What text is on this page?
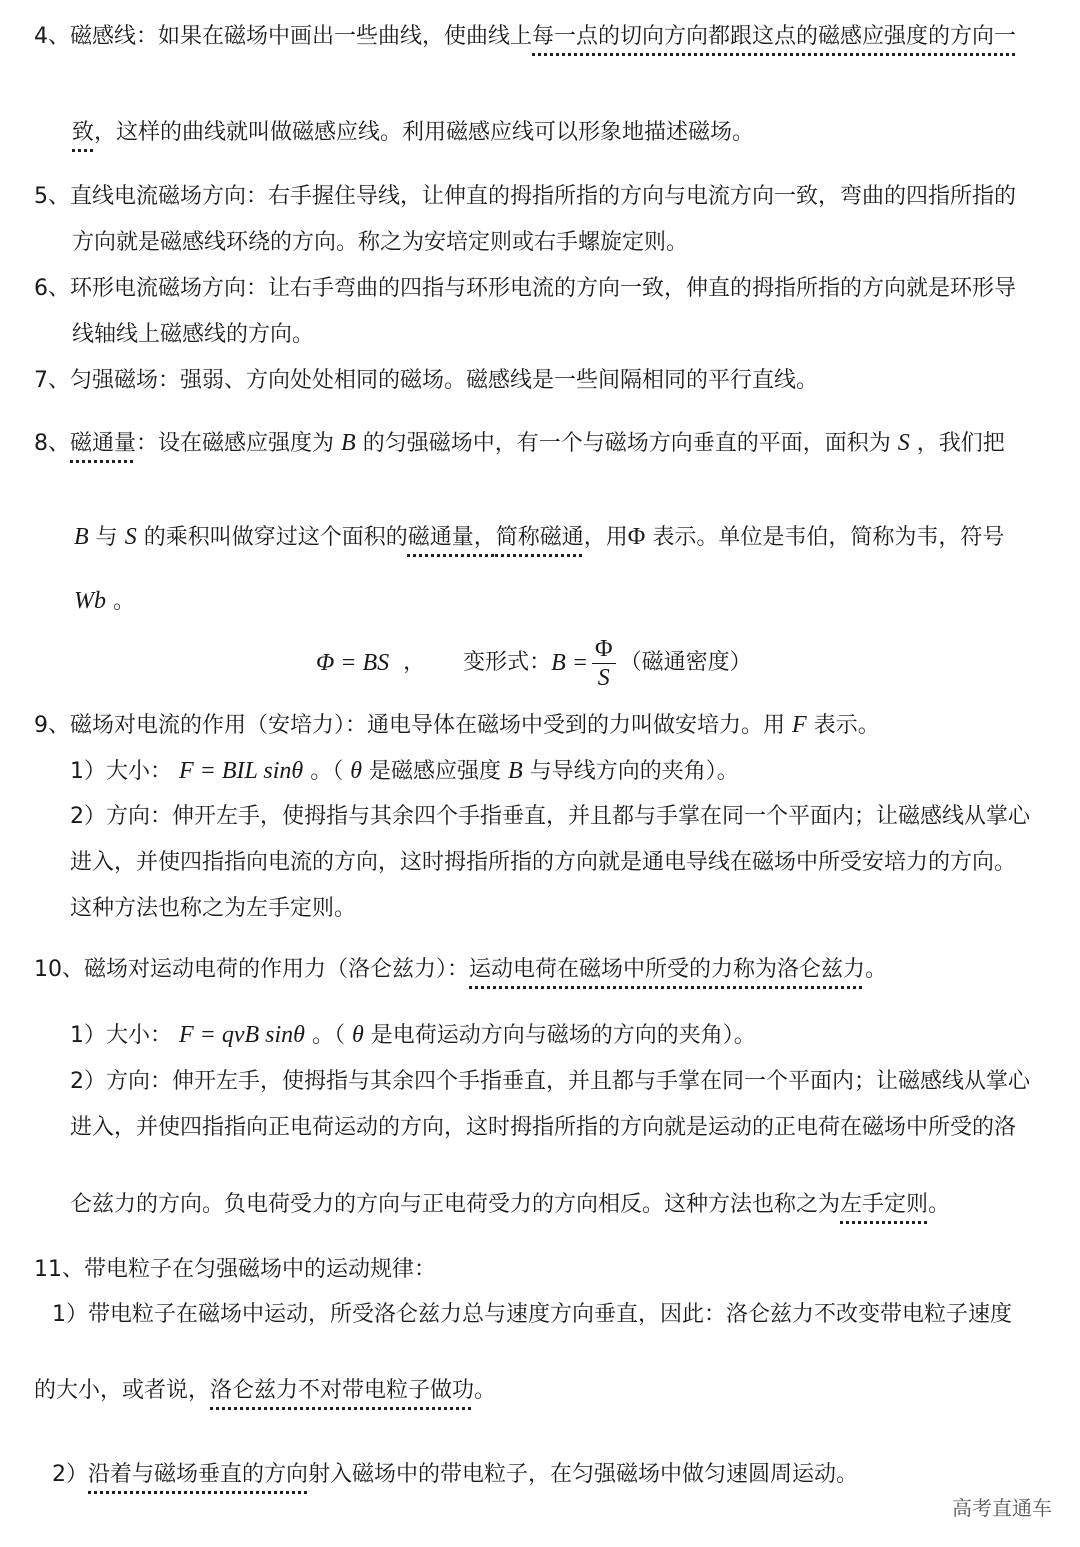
4、磁感线：如果在磁场中画出一些曲线，使曲线上每一点的切向方向都跟这点的磁感应强度的方向一
致，这样的曲线就叫做磁感应线。利用磁感应线可以形象地描述磁场。
5、直线电流磁场方向：右手握住导线，让伸直的拇指所指的方向与电流方向一致，弯曲的四指所指的
方向就是磁感线环绕的方向。称之为安培定则或右手螺旋定则。
6、环形电流磁场方向：让右手弯曲的四指与环形电流的方向一致，伸直的拇指所指的方向就是环形导
线轴线上磁感线的方向。
7、匀强磁场：强弱、方向处处相同的磁场。磁感线是一些间隔相同的平行直线。
8、磁通量：设在磁感应强度为 B 的匀强磁场中，有一个与磁场方向垂直的平面，面积为 S ，我们把
B 与 S 的乘积叫做穿过这个面积的磁通量，简称磁通，用Φ 表示。单位是韦伯，简称为韦，符号
Wb 。
Φ = BS ， 变形式： $B = \frac{\Phi}{S}$ （磁通密度）
9、磁场对电流的作用（安培力）：通电导体在磁场中受到的力叫做安培力。用 F 表示。
1）大小： F = BIL sinθ 。（ θ 是磁感应强度 B 与导线方向的夹角）。
2）方向：伸开左手，使拇指与其余四个手指垂直，并且都与手掌在同一个平面内；让磁感线从掌心
进入，并使四指指向电流的方向，这时拇指所指的方向就是通电导线在磁场中所受安培力的方向。
这种方法也称之为左手定则。
10、磁场对运动电荷的作用力（洛仑兹力）：运动电荷在磁场中所受的力称为洛仑兹力。
1）大小： F = qvB sinθ 。（ θ 是电荷运动方向与磁场的方向的夹角）。
2）方向：伸开左手，使拇指与其余四个手指垂直，并且都与手掌在同一个平面内；让磁感线从掌心
进入，并使四指指向正电荷运动的方向，这时拇指所指的方向就是运动的正电荷在磁场中所受的洛
仑兹力的方向。负电荷受力的方向与正电荷受力的方向相反。这种方法也称之为左手定则。
11、带电粒子在匀强磁场中的运动规律：
1）带电粒子在磁场中运动，所受洛仑兹力总与速度方向垂直，因此：洛仑兹力不改变带电粒子速度
的大小，或者说，洛仑兹力不对带电粒子做功。
2）沿着与磁场垂直的方向射入磁场中的带电粒子，在匀强磁场中做匀速圆周运动。
高考直通车
